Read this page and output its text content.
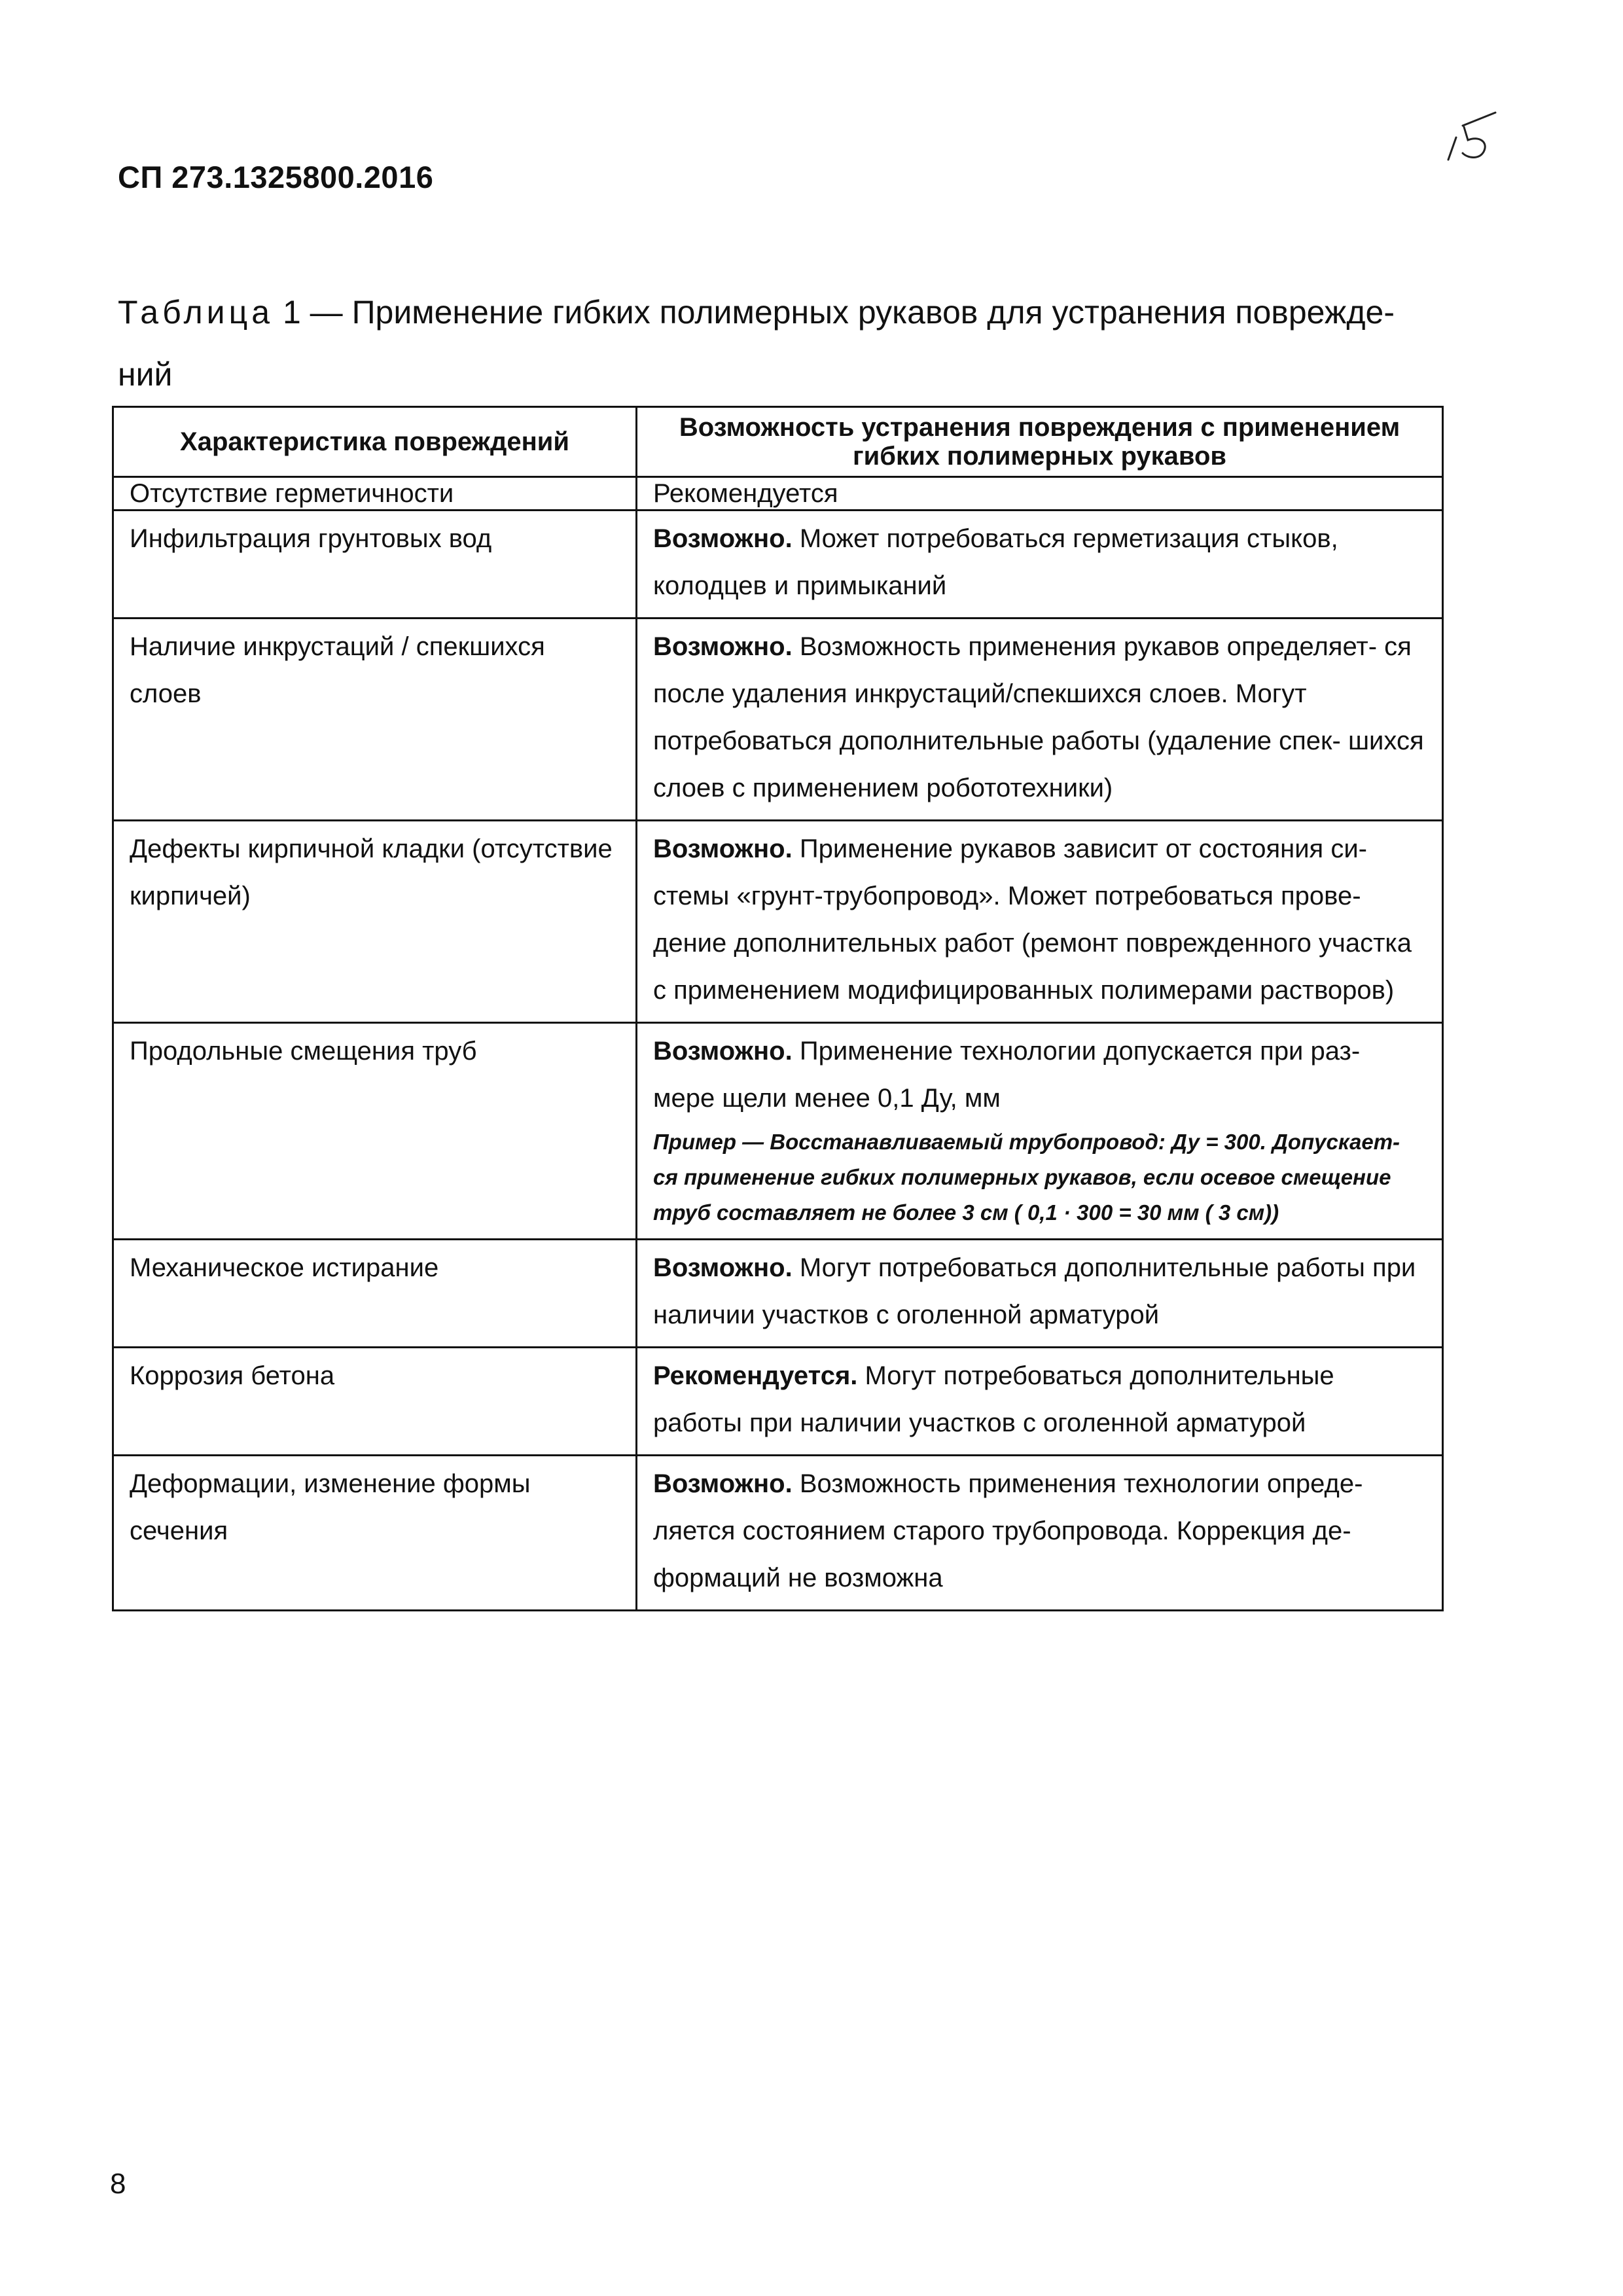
СП 273.1325800.2016
Таблица 1 — Применение гибких полимерных рукавов для устранения поврежде- ний
Характеристика повреждений	Возможность устранения повреждения с применением гибких полимерных рукавов
Отсутствие герметичности	Рекомендуется
Инфильтрация грунтовых вод	Возможно. Может потребоваться герметизация стыков, колодцев и примыканий
Наличие инкрустаций / спекшихся слоев	Возможно. Возможность применения рукавов определяет- ся после удаления инкрустаций/спекшихся слоев. Могут потребоваться дополнительные работы (удаление спек- шихся слоев с применением робототехники)
Дефекты кирпичной кладки (отсутствие кирпичей)	Возможно. Применение рукавов зависит от состояния си- стемы «грунт-трубопровод». Может потребоваться прове- дение дополнительных работ (ремонт поврежденного участка с применением модифицированных полимерами растворов)
Продольные смещения труб	Возможно. Применение технологии допускается при раз- мере щели менее 0,1 Ду, мм
Пример — Восстанавливаемый трубопровод: Ду = 300. Допускает- ся применение гибких полимерных рукавов, если осевое смещение труб составляет не более 3 см ( 0,1 · 300 = 30 мм ( 3 см))

Механическое истирание	Возможно. Могут потребоваться дополнительные работы при наличии участков с оголенной арматурой
Коррозия бетона	Рекомендуется. Могут потребоваться дополнительные работы при наличии участков с оголенной арматурой
Деформации, изменение формы сечения	Возможно. Возможность применения технологии опреде- ляется состоянием старого трубопровода. Коррекция де- формаций не возможна
8
